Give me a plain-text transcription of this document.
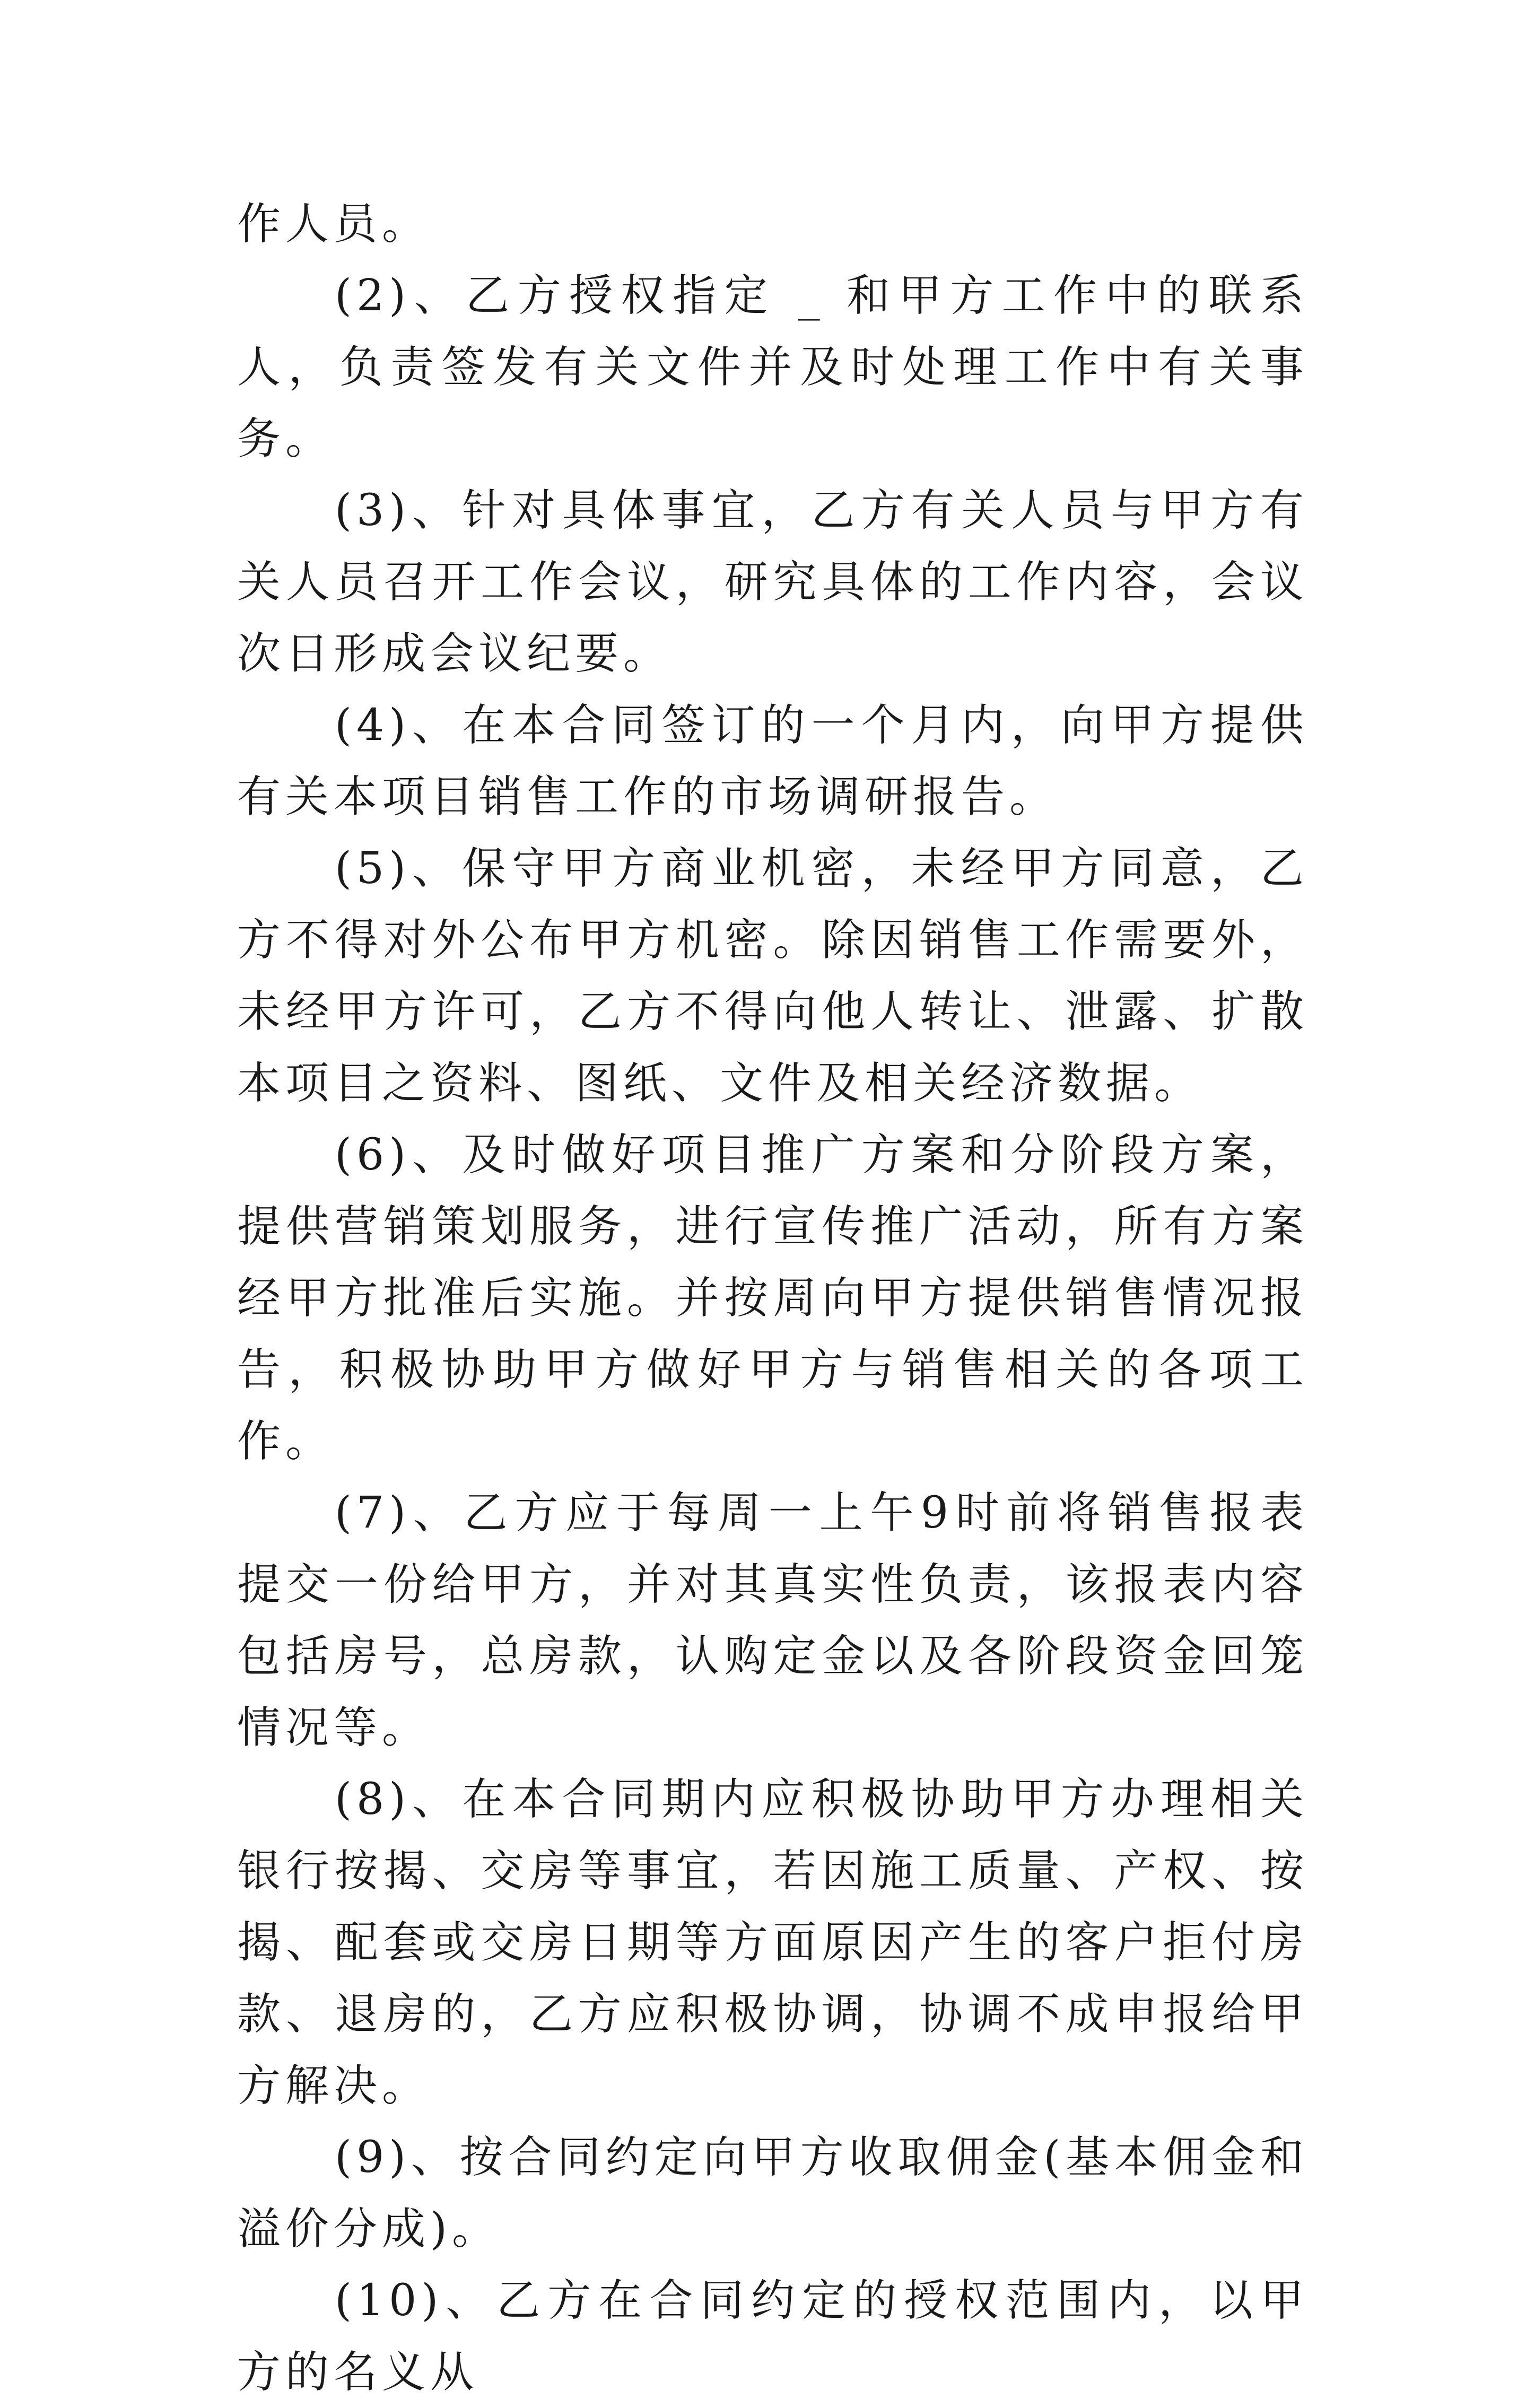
作人员。

(2)、乙方授权指定 _ 和甲方工作中的联系人，负责签发有关文件并及时处理工作中有关事务。

(3)、针对具体事宜，乙方有关人员与甲方有关人员召开工作会议，研究具体的工作内容，会议次日形成会议纪要。

(4)、在本合同签订的一个月内，向甲方提供有关本项目销售工作的市场调研报告。

(5)、保守甲方商业机密，未经甲方同意，乙方不得对外公布甲方机密。除因销售工作需要外，未经甲方许可，乙方不得向他人转让、泄露、扩散本项目之资料、图纸、文件及相关经济数据。

(6)、及时做好项目推广方案和分阶段方案，提供营销策划服务，进行宣传推广活动，所有方案经甲方批准后实施。并按周向甲方提供销售情况报告，积极协助甲方做好甲方与销售相关的各项工作。

(7)、乙方应于每周一上午9时前将销售报表提交一份给甲方，并对其真实性负责，该报表内容包括房号，总房款，认购定金以及各阶段资金回笼情况等。

(8)、在本合同期内应积极协助甲方办理相关银行按揭、交房等事宜，若因施工质量、产权、按揭、配套或交房日期等方面原因产生的客户拒付房款、退房的，乙方应积极协调，协调不成申报给甲方解决。

(9)、按合同约定向甲方收取佣金(基本佣金和溢价分成)。

(10)、乙方在合同约定的授权范围内，以甲方的名义从
